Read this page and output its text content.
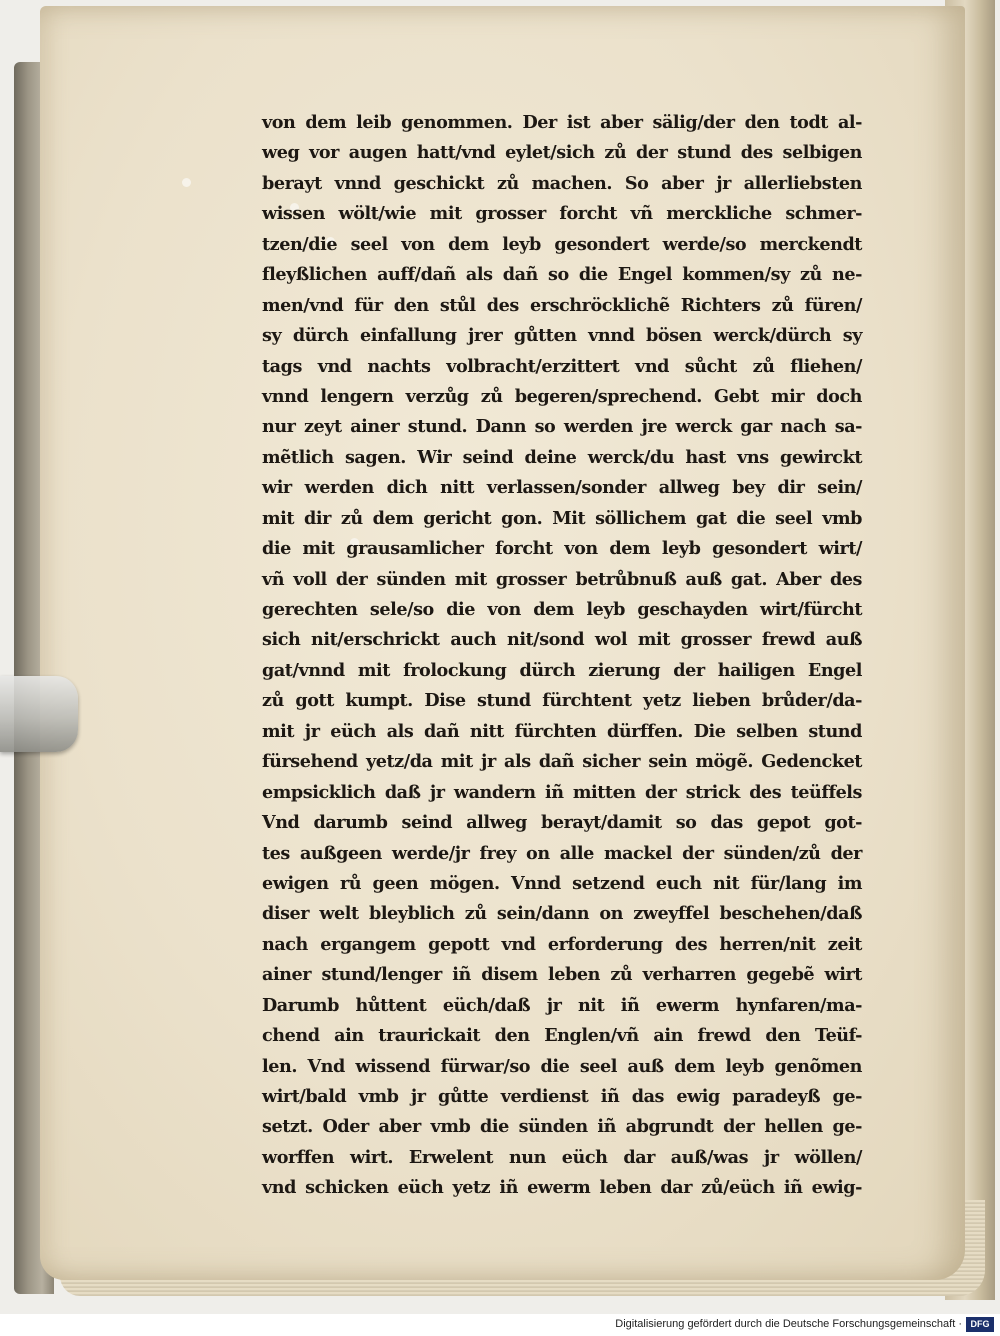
von dem leib genommen. Der ist aber sälig/der den todt al-
weg vor augen hatt/vnd eylet/sich zů der stund des selbigen
berayt vnnd geschickt zů machen. So aber jr allerliebsten
wissen wölt/wie mit grosser forcht vñ merckliche schmer-
tzen/die seel von dem leyb gesondert werde/so merckendt
fleyßlichen auff/dañ als dañ so die Engel kommen/sy zů ne-
men/vnd für den stůl des erschröcklichẽ Richters zů füren/
sy dürch einfallung jrer gůtten vnnd bösen werck/dürch sy
tags vnd nachts volbracht/erzittert vnd sůcht zů fliehen/
vnnd lengern verzůg zů begeren/sprechend. Gebt mir doch
nur zeyt ainer stund. Dann so werden jre werck gar nach sa-
mẽtlich sagen. Wir seind deine werck/du hast vns gewirckt
wir werden dich nitt verlassen/sonder allweg bey dir sein/
mit dir zů dem gericht gon. Mit söllichem gat die seel vmb
die mit grausamlicher forcht von dem leyb gesondert wirt/
vñ voll der sünden mit grosser betrůbnuß auß gat. Aber des
gerechten sele/so die von dem leyb geschayden wirt/fürcht
sich nit/erschrickt auch nit/sond wol mit grosser frewd auß
gat/vnnd mit frolockung dürch zierung der hailigen Engel
zů gott kumpt. Dise stund fürchtent yetz lieben brůder/da-
mit jr eüch als dañ nitt fürchten dürffen. Die selben stund
fürsehend yetz/da mit jr als dañ sicher sein mögẽ. Gedencket
empsicklich daß jr wandern iñ mitten der strick des teüffels
Vnd darumb seind allweg berayt/damit so das gepot got-
tes außgeen werde/jr frey on alle mackel der sünden/zů der
ewigen rů geen mögen. Vnnd setzend euch nit für/lang im
diser welt bleyblich zů sein/dann on zweyffel beschehen/daß
nach ergangem gepott vnd erforderung des herren/nit zeit
ainer stund/lenger iñ disem leben zů verharren gegebẽ wirt
Darumb hůttent eüch/daß jr nit iñ ewerm hynfaren/ma-
chend ain traurickait den Englen/vñ ain frewd den Teüf-
len. Vnd wissend fürwar/so die seel auß dem leyb genõmen
wirt/bald vmb jr gůtte verdienst iñ das ewig paradeyß ge-
setzt. Oder aber vmb die sünden iñ abgrundt der hellen ge-
worffen wirt. Erwelent nun eüch dar auß/was jr wöllen/
vnd schicken eüch yetz iñ ewerm leben dar zů/eüch iñ ewig-
Digitalisierung gefördert durch die Deutsche Forschungsgemeinschaft · DFG
